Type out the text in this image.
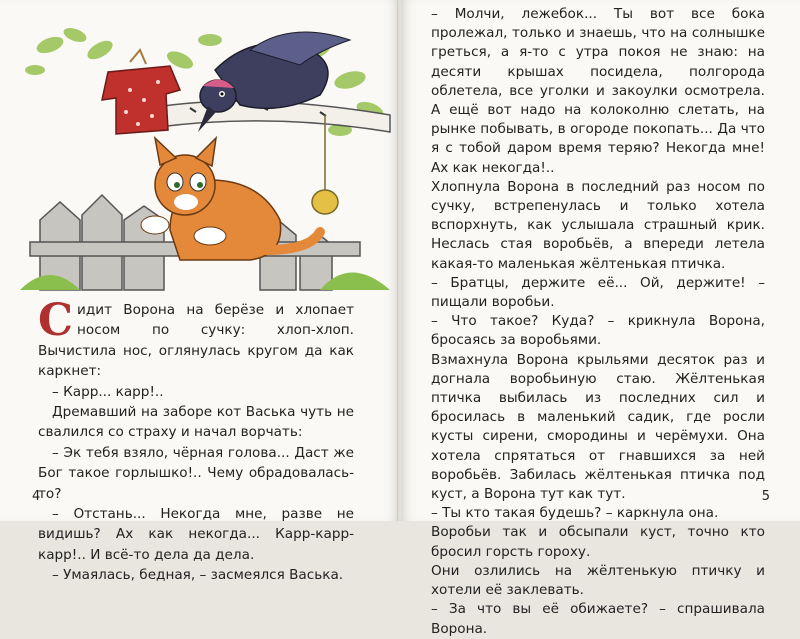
Сидит Ворона на берёзе и хлопает носом по сучку: хлоп-хлоп. Вычистила нос, оглянулась кругом да как каркнет:

– Карр... карр!..

Дремавший на заборе кот Васька чуть не свалился со страху и начал ворчать:

– Эк тебя взяло, чёрная голова... Даст же Бог такое горлышко!.. Чему обрадовалась-то?

– Отстань... Некогда мне, разве не видишь? Ах как некогда... Карр-карр-карр!.. И всё-то дела да дела.

– Умаялась, бедная, – засмеялся Васька.

4

– Молчи, лежебок... Ты вот все бока пролежал, только и знаешь, что на солнышке греться, а я-то с утра покоя не знаю: на десяти крышах посидела, полгорода облетела, все уголки и закоулки осмотрела. А ещё вот надо на колоколню слетать, на рынке побывать, в огороде покопать... Да что я с тобой даром время теряю? Некогда мне! Ах как некогда!..

Хлопнула Ворона в последний раз носом по сучку, встрепенулась и только хотела вспорхнуть, как услышала страшный крик. Неслась стая воробьёв, а впереди летела какая-то маленькая жёлтенькая птичка.

– Братцы, держите её... Ой, держите! – пищали воробьи.

– Что такое? Куда? – крикнула Ворона, бросаясь за воробьями.

Взмахнула Ворона крыльями десяток раз и догнала воробьиную стаю. Жёлтенькая птичка выбилась из последних сил и бросилась в маленький садик, где росли кусты сирени, смородины и черёмухи. Она хотела спрятаться от гнавшихся за ней воробьёв. Забилась жёлтенькая птичка под куст, а Ворона тут как тут.

– Ты кто такая будешь? – каркнула она.

Воробьи так и обсыпали куст, точно кто бросил горсть гороху.

Они озлились на жёлтенькую птичку и хотели её заклевать.

– За что вы её обижаете? – спрашивала Ворона.

5
